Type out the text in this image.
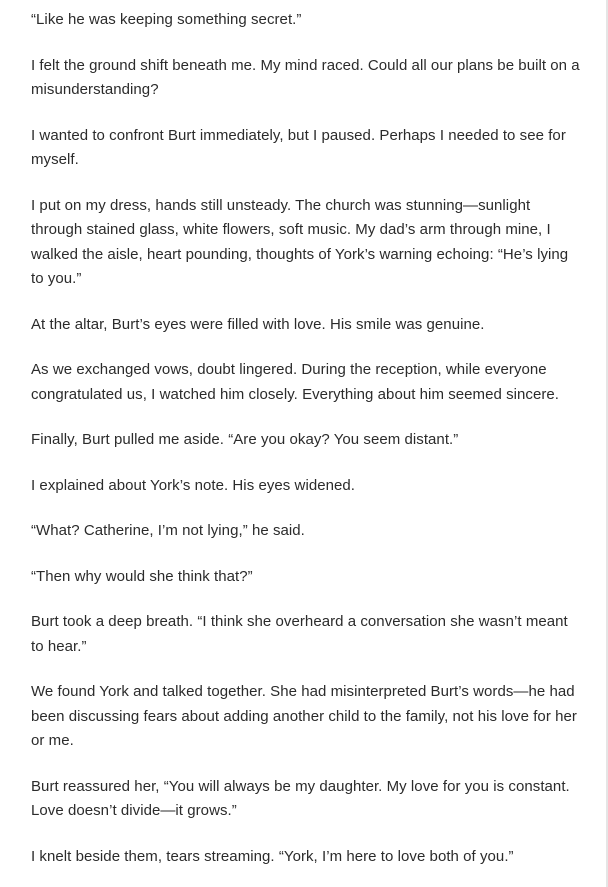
“Like he was keeping something secret.”

I felt the ground shift beneath me. My mind raced. Could all our plans be built on a misunderstanding?

I wanted to confront Burt immediately, but I paused. Perhaps I needed to see for myself.

I put on my dress, hands still unsteady. The church was stunning—sunlight through stained glass, white flowers, soft music. My dad’s arm through mine, I walked the aisle, heart pounding, thoughts of York’s warning echoing: “He’s lying to you.”

At the altar, Burt’s eyes were filled with love. His smile was genuine.

As we exchanged vows, doubt lingered. During the reception, while everyone congratulated us, I watched him closely. Everything about him seemed sincere.

Finally, Burt pulled me aside. “Are you okay? You seem distant.”

I explained about York’s note. His eyes widened.

“What? Catherine, I’m not lying,” he said.

“Then why would she think that?”

Burt took a deep breath. “I think she overheard a conversation she wasn’t meant to hear.”

We found York and talked together. She had misinterpreted Burt’s words—he had been discussing fears about adding another child to the family, not his love for her or me.

Burt reassured her, “You will always be my daughter. My love for you is constant. Love doesn’t divide—it grows.”

I knelt beside them, tears streaming. “York, I’m here to love both of you.”
